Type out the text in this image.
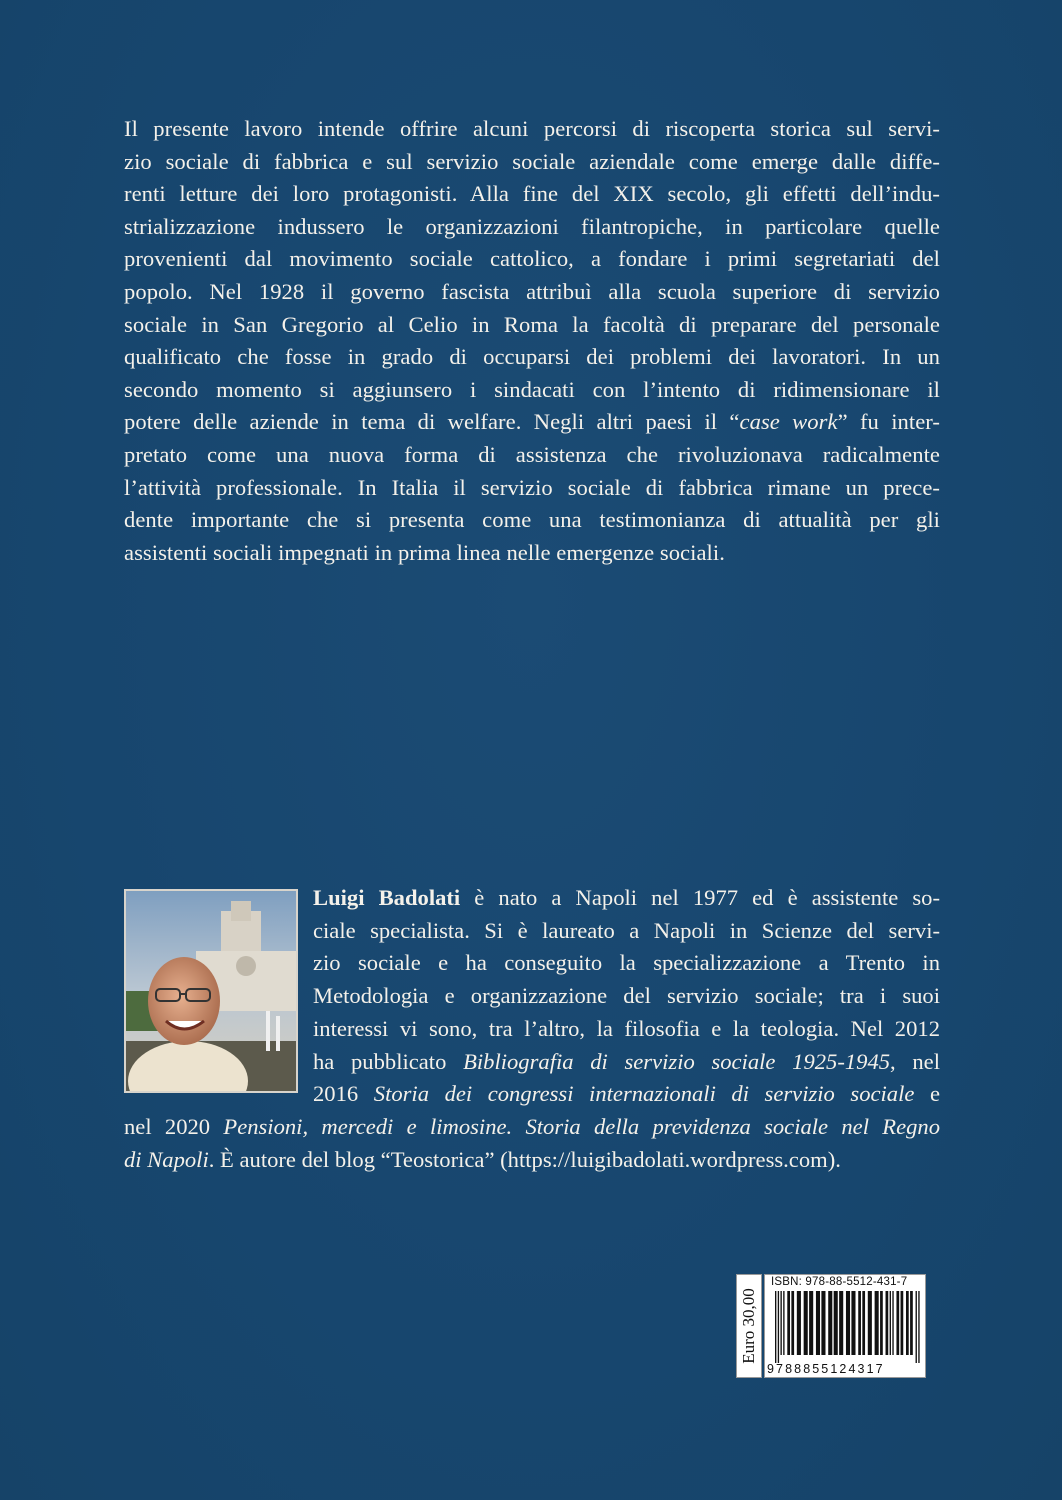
Il presente lavoro intende offrire alcuni percorsi di riscoperta storica sul servi-
zio sociale di fabbrica e sul servizio sociale aziendale come emerge dalle diffe-
renti letture dei loro protagonisti. Alla fine del XIX secolo, gli effetti dell’indu-
strializzazione indussero le organizzazioni filantropiche, in particolare quelle
provenienti dal movimento sociale cattolico, a fondare i primi segretariati del
popolo. Nel 1928 il governo fascista attribuì alla scuola superiore di servizio
sociale in San Gregorio al Celio in Roma la facoltà di preparare del personale
qualificato che fosse in grado di occuparsi dei problemi dei lavoratori. In un
secondo momento si aggiunsero i sindacati con l’intento di ridimensionare il
potere delle aziende in tema di welfare. Negli altri paesi il “case work” fu inter-
pretato come una nuova forma di assistenza che rivoluzionava radicalmente
l’attività professionale. In Italia il servizio sociale di fabbrica rimane un prece-
dente importante che si presenta come una testimonianza di attualità per gli
assistenti sociali impegnati in prima linea nelle emergenze sociali.
Luigi Badolati è nato a Napoli nel 1977 ed è assistente so-
ciale specialista. Si è laureato a Napoli in Scienze del servi-
zio sociale e ha conseguito la specializzazione a Trento in
Metodologia e organizzazione del servizio sociale; tra i suoi
interessi vi sono, tra l’altro, la filosofia e la teologia. Nel 2012
ha pubblicato Bibliografia di servizio sociale 1925-1945, nel
2016 Storia dei congressi internazionali di servizio sociale e
nel 2020 Pensioni, mercedi e limosine. Storia della previdenza sociale nel Regno
di Napoli. È autore del blog “Teostorica” (https://luigibadolati.wordpress.com).
Euro 30,00
ISBN: 978-88-5512-431-7
9788855124317
